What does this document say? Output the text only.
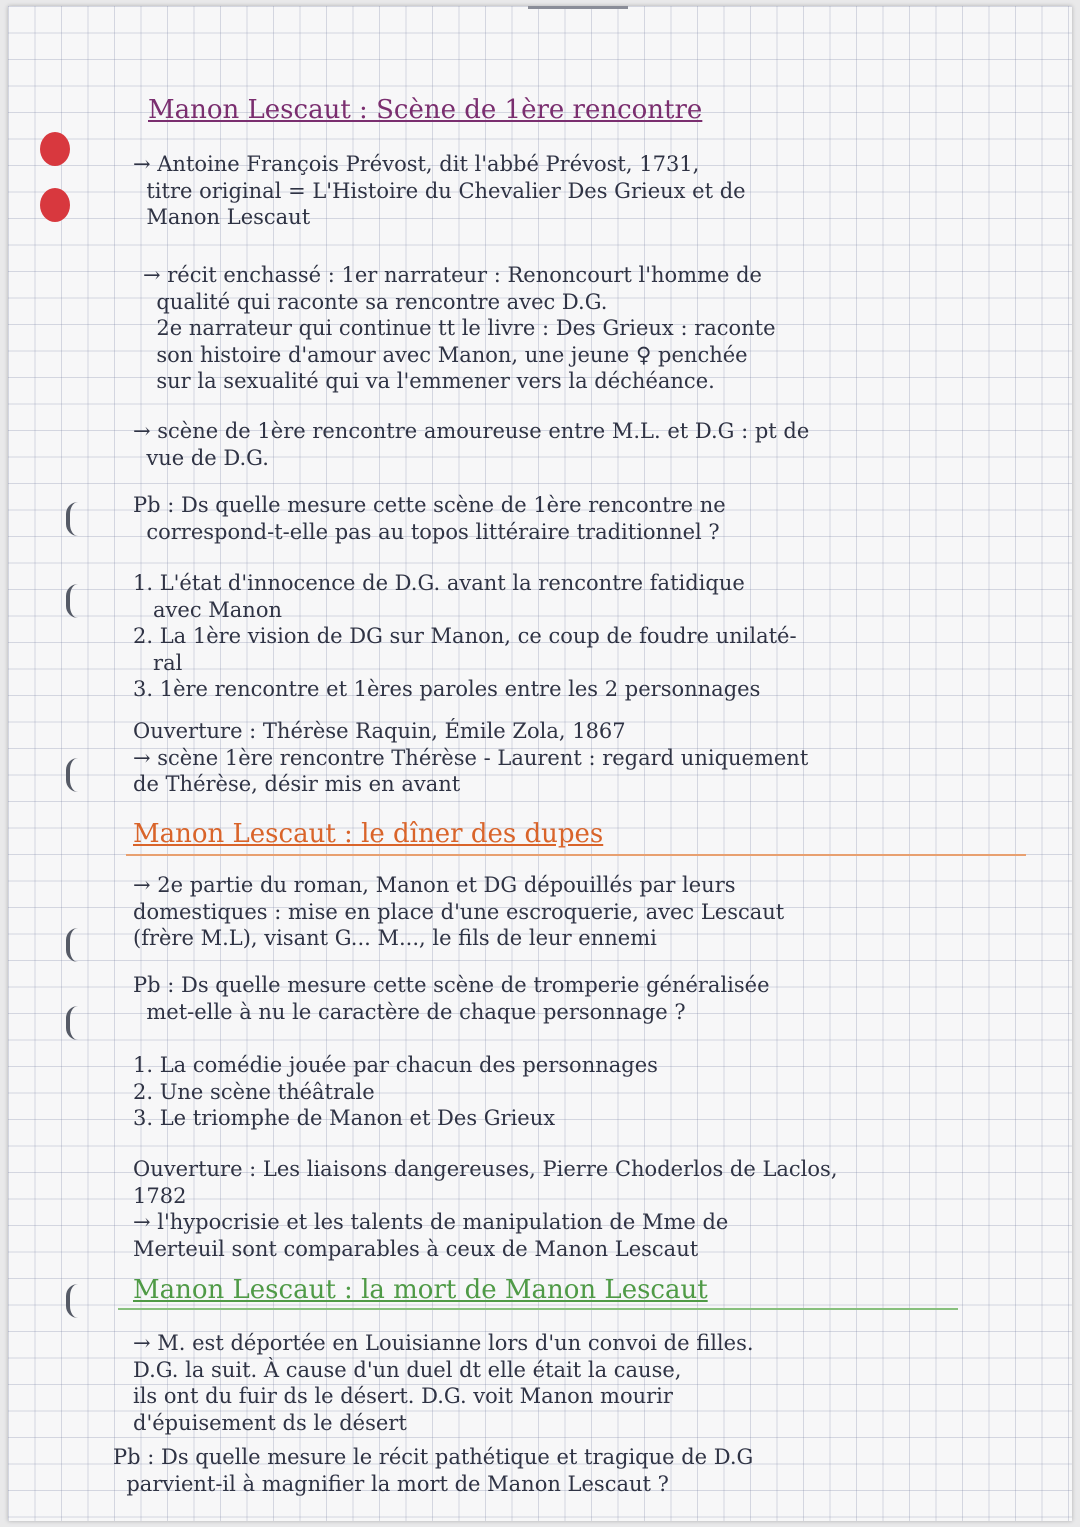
Manon Lescaut : Scène de 1ère rencontre
→ Antoine François Prévost, dit l'abbé Prévost, 1731,
titre original = L'Histoire du Chevalier Des Grieux et de
Manon Lescaut
→ récit enchassé : 1er narrateur : Renoncourt l'homme de
qualité qui raconte sa rencontre avec D.G.
2e narrateur qui continue tt le livre : Des Grieux : raconte
son histoire d'amour avec Manon, une jeune ♀ penchée
sur la sexualité qui va l'emmener vers la déchéance.
→ scène de 1ère rencontre amoureuse entre M.L. et D.G : pt de
vue de D.G.
Pb : Ds quelle mesure cette scène de 1ère rencontre ne
correspond-t-elle pas au topos littéraire traditionnel ?
1. L'état d'innocence de D.G. avant la rencontre fatidique
avec Manon
2. La 1ère vision de DG sur Manon, ce coup de foudre unilaté-
ral
3. 1ère rencontre et 1ères paroles entre les 2 personnages
Ouverture : Thérèse Raquin, Émile Zola, 1867
→ scène 1ère rencontre Thérèse - Laurent : regard uniquement
de Thérèse, désir mis en avant
Manon Lescaut : le dîner des dupes
→ 2e partie du roman, Manon et DG dépouillés par leurs
domestiques : mise en place d'une escroquerie, avec Lescaut
(frère M.L), visant G... M..., le fils de leur ennemi
Pb : Ds quelle mesure cette scène de tromperie généralisée
met-elle à nu le caractère de chaque personnage ?
1. La comédie jouée par chacun des personnages
2. Une scène théâtrale
3. Le triomphe de Manon et Des Grieux
Ouverture : Les liaisons dangereuses, Pierre Choderlos de Laclos,
1782
→ l'hypocrisie et les talents de manipulation de Mme de
Merteuil sont comparables à ceux de Manon Lescaut
Manon Lescaut : la mort de Manon Lescaut
→ M. est déportée en Louisianne lors d'un convoi de filles.
D.G. la suit. À cause d'un duel dt elle était la cause,
ils ont du fuir ds le désert. D.G. voit Manon mourir
d'épuisement ds le désert
Pb : Ds quelle mesure le récit pathétique et tragique de D.G
parvient-il à magnifier la mort de Manon Lescaut ?
